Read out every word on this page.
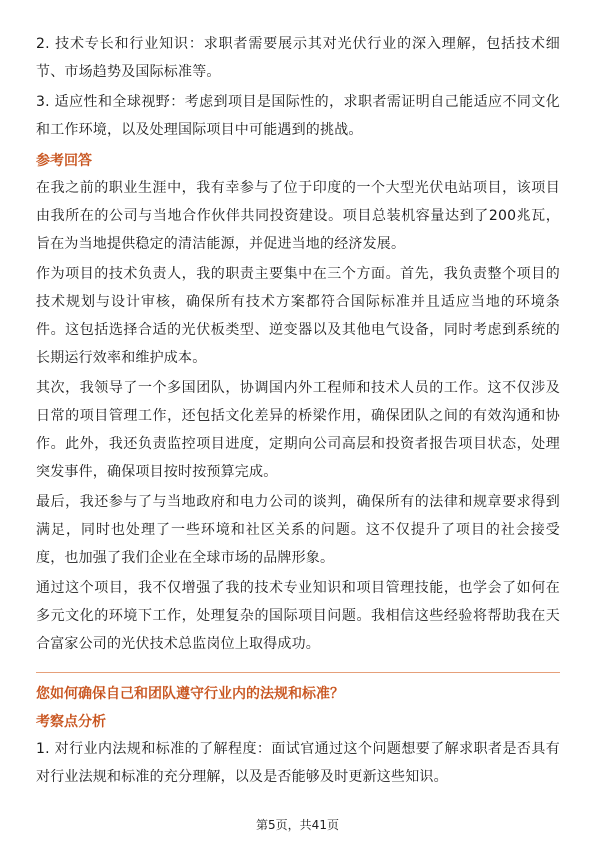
2. 技术专长和行业知识：求职者需要展示其对光伏行业的深入理解，包括技术细节、市场趋势及国际标准等。

3. 适应性和全球视野：考虑到项目是国际性的，求职者需证明自己能适应不同文化和工作环境，以及处理国际项目中可能遇到的挑战。

参考回答

在我之前的职业生涯中，我有幸参与了位于印度的一个大型光伏电站项目，该项目由我所在的公司与当地合作伙伴共同投资建设。项目总装机容量达到了200兆瓦，旨在为当地提供稳定的清洁能源，并促进当地的经济发展。

作为项目的技术负责人，我的职责主要集中在三个方面。首先，我负责整个项目的技术规划与设计审核，确保所有技术方案都符合国际标准并且适应当地的环境条件。这包括选择合适的光伏板类型、逆变器以及其他电气设备，同时考虑到系统的长期运行效率和维护成本。

其次，我领导了一个多国团队，协调国内外工程师和技术人员的工作。这不仅涉及日常的项目管理工作，还包括文化差异的桥梁作用，确保团队之间的有效沟通和协作。此外，我还负责监控项目进度，定期向公司高层和投资者报告项目状态，处理突发事件，确保项目按时按预算完成。

最后，我还参与了与当地政府和电力公司的谈判，确保所有的法律和规章要求得到满足，同时也处理了一些环境和社区关系的问题。这不仅提升了项目的社会接受度，也加强了我们企业在全球市场的品牌形象。

通过这个项目，我不仅增强了我的技术专业知识和项目管理技能，也学会了如何在多元文化的环境下工作，处理复杂的国际项目问题。我相信这些经验将帮助我在天合富家公司的光伏技术总监岗位上取得成功。

您如何确保自己和团队遵守行业内的法规和标准？
考察点分析

1. 对行业内法规和标准的了解程度：面试官通过这个问题想要了解求职者是否具有对行业法规和标准的充分理解，以及是否能够及时更新这些知识。

第5页，共41页
